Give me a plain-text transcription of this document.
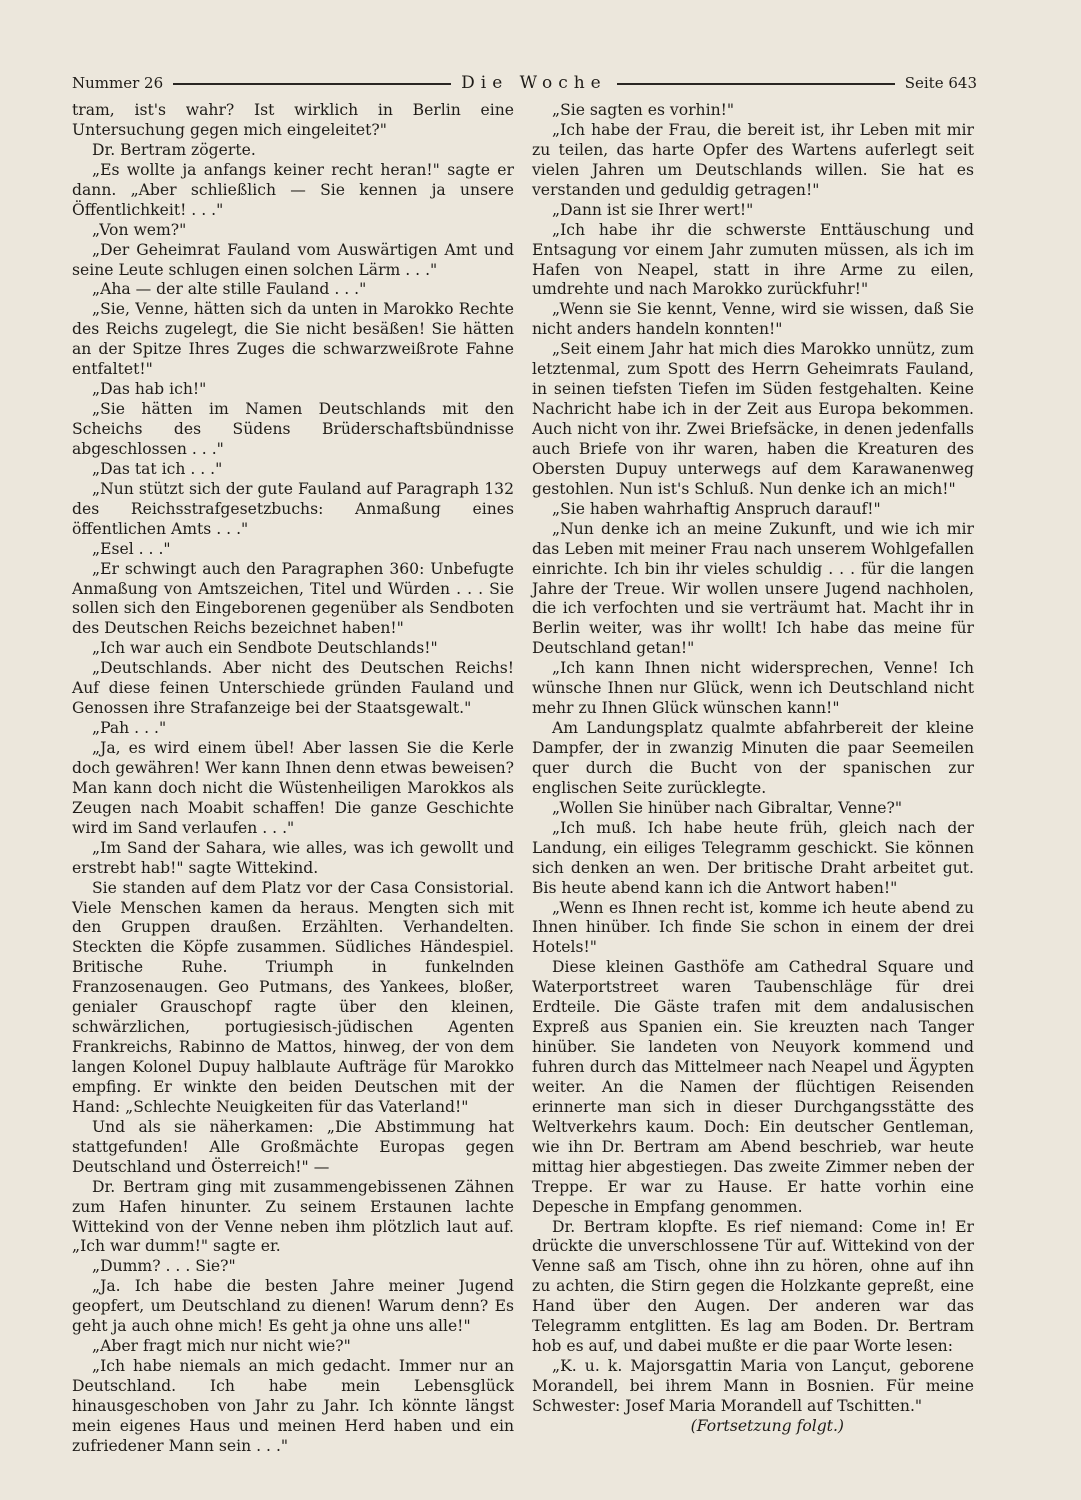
Nummer 26	Die Woche	Seite 643

tram, ist's wahr? Ist wirklich in Berlin eine Untersuchung gegen mich eingeleitet?"

Dr. Bertram zögerte.

„Es wollte ja anfangs keiner recht heran!" sagte er dann. „Aber schließlich — Sie kennen ja unsere Öffentlichkeit! . . ."

„Von wem?"

„Der Geheimrat Fauland vom Auswärtigen Amt und seine Leute schlugen einen solchen Lärm . . ."

„Aha — der alte stille Fauland . . ."

„Sie, Venne, hätten sich da unten in Marokko Rechte des Reichs zugelegt, die Sie nicht besäßen! Sie hätten an der Spitze Ihres Zuges die schwarzweißrote Fahne entfaltet!"

„Das hab ich!"

„Sie hätten im Namen Deutschlands mit den Scheichs des Südens Brüderschaftsbündnisse abgeschlossen . . ."

„Das tat ich . . ."

„Nun stützt sich der gute Fauland auf Paragraph 132 des Reichsstrafgesetzbuchs: Anmaßung eines öffentlichen Amts . . ."

„Esel . . ."

„Er schwingt auch den Paragraphen 360: Unbefugte Anmaßung von Amtszeichen, Titel und Würden . . . Sie sollen sich den Eingeborenen gegenüber als Sendboten des Deutschen Reichs bezeichnet haben!"

„Ich war auch ein Sendbote Deutschlands!"

„Deutschlands. Aber nicht des Deutschen Reichs! Auf diese feinen Unterschiede gründen Fauland und Genossen ihre Strafanzeige bei der Staatsgewalt."

„Pah . . ."

„Ja, es wird einem übel! Aber lassen Sie die Kerle doch gewähren! Wer kann Ihnen denn etwas beweisen? Man kann doch nicht die Wüstenheiligen Marokkos als Zeugen nach Moabit schaffen! Die ganze Geschichte wird im Sand verlaufen . . ."

„Im Sand der Sahara, wie alles, was ich gewollt und erstrebt hab!" sagte Wittekind.

Sie standen auf dem Platz vor der Casa Consistorial. Viele Menschen kamen da heraus. Mengten sich mit den Gruppen draußen. Erzählten. Verhandelten. Steckten die Köpfe zusammen. Südliches Händespiel. Britische Ruhe. Triumph in funkelnden Franzosenaugen. Geo Putmans, des Yankees, bloßer, genialer Grauschopf ragte über den kleinen, schwärzlichen, portugiesisch-jüdischen Agenten Frankreichs, Rabinno de Mattos, hinweg, der von dem langen Kolonel Dupuy halblaute Aufträge für Marokko empfing. Er winkte den beiden Deutschen mit der Hand: „Schlechte Neuigkeiten für das Vaterland!"

Und als sie näherkamen: „Die Abstimmung hat stattgefunden! Alle Großmächte Europas gegen Deutschland und Österreich!" —

Dr. Bertram ging mit zusammengebissenen Zähnen zum Hafen hinunter. Zu seinem Erstaunen lachte Wittekind von der Venne neben ihm plötzlich laut auf. „Ich war dumm!" sagte er.

„Dumm? . . . Sie?"

„Ja. Ich habe die besten Jahre meiner Jugend geopfert, um Deutschland zu dienen! Warum denn? Es geht ja auch ohne mich! Es geht ja ohne uns alle!"

„Aber fragt mich nur nicht wie?"

„Ich habe niemals an mich gedacht. Immer nur an Deutschland. Ich habe mein Lebensglück hinausgeschoben von Jahr zu Jahr. Ich könnte längst mein eigenes Haus und meinen Herd haben und ein zufriedener Mann sein . . ."

„Sie sagten es vorhin!"

„Ich habe der Frau, die bereit ist, ihr Leben mit mir zu teilen, das harte Opfer des Wartens auferlegt seit vielen Jahren um Deutschlands willen. Sie hat es verstanden und geduldig getragen!"

„Dann ist sie Ihrer wert!"

„Ich habe ihr die schwerste Enttäuschung und Entsagung vor einem Jahr zumuten müssen, als ich im Hafen von Neapel, statt in ihre Arme zu eilen, umdrehte und nach Marokko zurückfuhr!"

„Wenn sie Sie kennt, Venne, wird sie wissen, daß Sie nicht anders handeln konnten!"

„Seit einem Jahr hat mich dies Marokko unnütz, zum letztenmal, zum Spott des Herrn Geheimrats Fauland, in seinen tiefsten Tiefen im Süden festgehalten. Keine Nachricht habe ich in der Zeit aus Europa bekommen. Auch nicht von ihr. Zwei Briefsäcke, in denen jedenfalls auch Briefe von ihr waren, haben die Kreaturen des Obersten Dupuy unterwegs auf dem Karawanenweg gestohlen. Nun ist's Schluß. Nun denke ich an mich!"

„Sie haben wahrhaftig Anspruch darauf!"

„Nun denke ich an meine Zukunft, und wie ich mir das Leben mit meiner Frau nach unserem Wohlgefallen einrichte. Ich bin ihr vieles schuldig . . . für die langen Jahre der Treue. Wir wollen unsere Jugend nachholen, die ich verfochten und sie verträumt hat. Macht ihr in Berlin weiter, was ihr wollt! Ich habe das meine für Deutschland getan!"

„Ich kann Ihnen nicht widersprechen, Venne! Ich wünsche Ihnen nur Glück, wenn ich Deutschland nicht mehr zu Ihnen Glück wünschen kann!"

Am Landungsplatz qualmte abfahrbereit der kleine Dampfer, der in zwanzig Minuten die paar Seemeilen quer durch die Bucht von der spanischen zur englischen Seite zurücklegte.

„Wollen Sie hinüber nach Gibraltar, Venne?"

„Ich muß. Ich habe heute früh, gleich nach der Landung, ein eiliges Telegramm geschickt. Sie können sich denken an wen. Der britische Draht arbeitet gut. Bis heute abend kann ich die Antwort haben!"

„Wenn es Ihnen recht ist, komme ich heute abend zu Ihnen hinüber. Ich finde Sie schon in einem der drei Hotels!"

Diese kleinen Gasthöfe am Cathedral Square und Waterportstreet waren Taubenschläge für drei Erdteile. Die Gäste trafen mit dem andalusischen Expreß aus Spanien ein. Sie kreuzten nach Tanger hinüber. Sie landeten von Neuyork kommend und fuhren durch das Mittelmeer nach Neapel und Ägypten weiter. An die Namen der flüchtigen Reisenden erinnerte man sich in dieser Durchgangsstätte des Weltverkehrs kaum. Doch: Ein deutscher Gentleman, wie ihn Dr. Bertram am Abend beschrieb, war heute mittag hier abgestiegen. Das zweite Zimmer neben der Treppe. Er war zu Hause. Er hatte vorhin eine Depesche in Empfang genommen.

Dr. Bertram klopfte. Es rief niemand: Come in! Er drückte die unverschlossene Tür auf. Wittekind von der Venne saß am Tisch, ohne ihn zu hören, ohne auf ihn zu achten, die Stirn gegen die Holzkante gepreßt, eine Hand über den Augen. Der anderen war das Telegramm entglitten. Es lag am Boden. Dr. Bertram hob es auf, und dabei mußte er die paar Worte lesen:

„K. u. k. Majorsgattin Maria von Lançut, geborene Morandell, bei ihrem Mann in Bosnien. Für meine Schwester: Josef Maria Morandell auf Tschitten."

(Fortsetzung folgt.)
